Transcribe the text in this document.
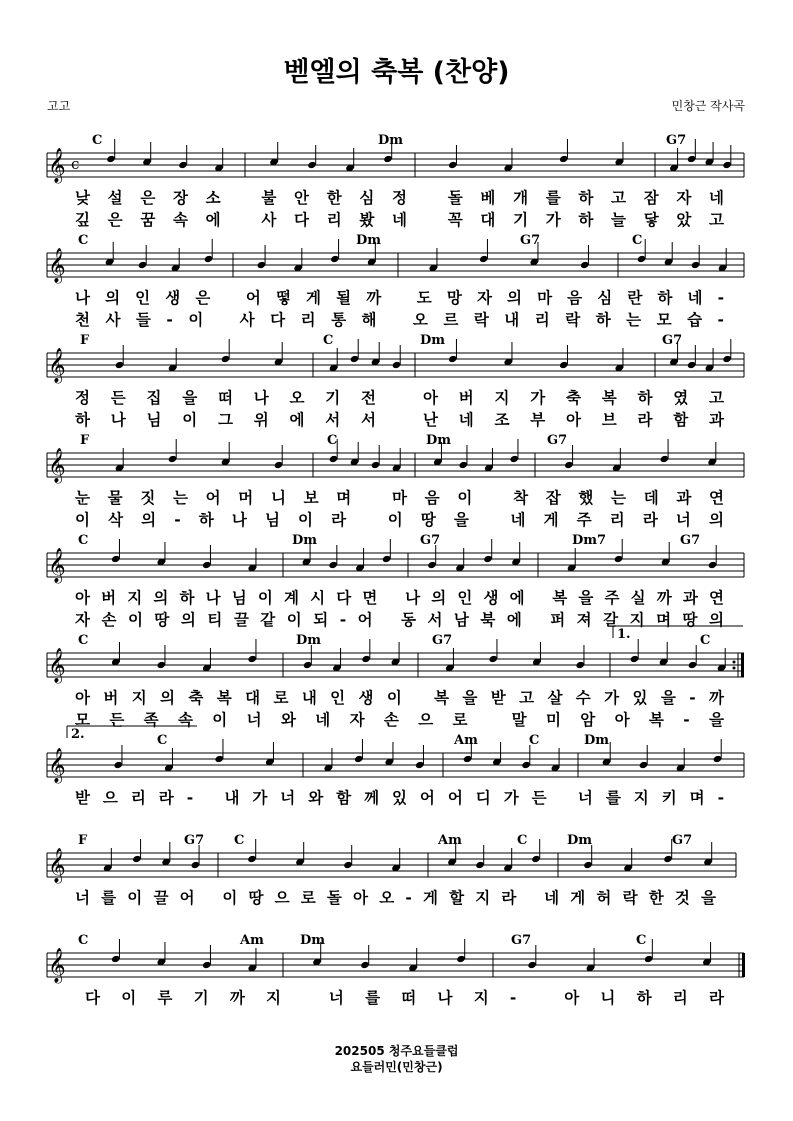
벧엘의 축복 (찬양)
고고	민창근 작사곡
𝄞 c
C	Dm	G7
낮설은장소 불안한심정 돌베개를하고잠자네
깊은꿈속에 사다리봤네 꼭대기가하늘닿았고
𝄞
C	Dm	G7	C
나의인생은 어떻게될까 도망자의마음심란하네-
천사들-이 사다리통해 오르락내리락하는모습-
𝄞
F	C	Dm	G7
정든집을떠나오기전 아버지가축복하였고
하나님이그위에서서 난네조부아브라함과
𝄞
F	C	Dm	G7
눈물짓는어머니보며 마음이 착잡했는데과연
이삭의-하나님이라 이땅을 네게주리라너의
𝄞
C	Dm	G7	Dm7	G7
아버지의하나님이계시다면 나의인생에 복을주실까과연
자손이땅의티끌같이되-어 동서남북에 퍼져갈지며땅의
𝄞
C	Dm	G7	C
1.
아버지의축복대로내인생이 복을받고살수가있을-까
모든족속이너와네자손으로 말미암아복-을
𝄞
C	Am	C	Dm
2.
받으리라- 내가너와함께있어어디가든 너를지키며-
𝄞
F	G7 C	Am	C	Dm	G7
너를이끌어 이땅으로돌아오-게할지라 네게허락한것을
𝄞
C	Am	Dm	G7	C
다이루기까지 너를떠나지- 아니하리라
202505 청주요들클럽
요들러민(민창근)
